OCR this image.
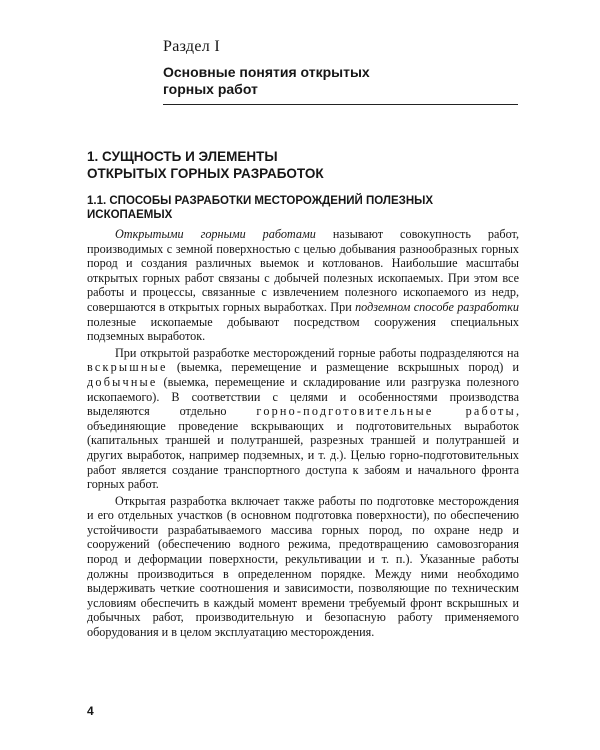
Раздел I
Основные понятия открытых
горных работ
1. СУЩНОСТЬ И ЭЛЕМЕНТЫ
ОТКРЫТЫХ ГОРНЫХ РАЗРАБОТОК
1.1. СПОСОБЫ РАЗРАБОТКИ МЕСТОРОЖДЕНИЙ ПОЛЕЗНЫХ
ИСКОПАЕМЫХ

Открытыми горными работами называют совокупность работ, производимых с земной поверхностью с целью добывания разнообразных горных пород и создания различных выемок и котлованов. Наибольшие масштабы открытых горных работ связаны с добычей полезных ископаемых. При этом все работы и процессы, связанные с извлечением полезного ископаемого из недр, совершаются в открытых горных выработках. При подземном способе разработки полезные ископаемые добывают посредством сооружения специальных подземных выработок.

При открытой разработке месторождений горные работы подразделяются на вскрышные (выемка, перемещение и размещение вскрышных пород) и добычные (выемка, перемещение и складирование или разгрузка полезного ископаемого). В соответствии с целями и особенностями производства выделяются отдельно горно-подготовительные работы, объединяющие проведение вскрывающих и подготовительных выработок (капитальных траншей и полутраншей, разрезных траншей и полутраншей и других выработок, например подземных, и т. д.). Целью горно-подготовительных работ является создание транспортного доступа к забоям и начального фронта горных работ.

Открытая разработка включает также работы по подготовке месторождения и его отдельных участков (в основном подготовка поверхности), по обеспечению устойчивости разрабатываемого массива горных пород, по охране недр и сооружений (обеспечению водного режима, предотвращению самовозгорания пород и деформации поверхности, рекультивации и т. п.). Указанные работы должны производиться в определенном порядке. Между ними необходимо выдерживать четкие соотношения и зависимости, позволяющие по техническим условиям обеспечить в каждый момент времени требуемый фронт вскрышных и добычных работ, производительную и безопасную работу применяемого оборудования и в целом эксплуатацию месторождения.

4
